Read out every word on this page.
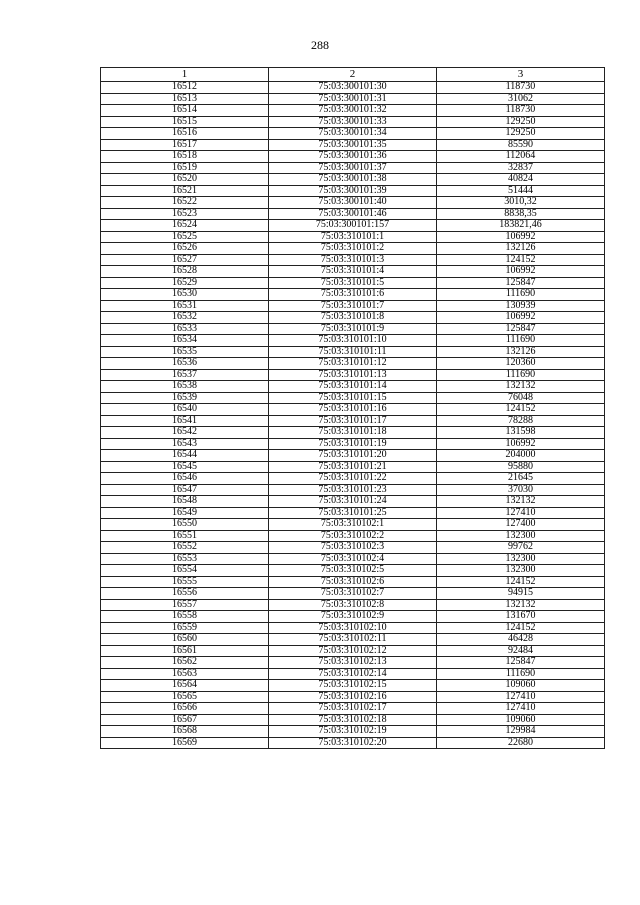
288
1	2	3
16512	75:03:300101:30	118730
16513	75:03:300101:31	31062
16514	75:03:300101:32	118730
16515	75:03:300101:33	129250
16516	75:03:300101:34	129250
16517	75:03:300101:35	85590
16518	75:03:300101:36	112064
16519	75:03:300101:37	32837
16520	75:03:300101:38	40824
16521	75:03:300101:39	51444
16522	75:03:300101:40	3010,32
16523	75:03:300101:46	8838,35
16524	75:03:300101:157	183821,46
16525	75:03:310101:1	106992
16526	75:03:310101:2	132126
16527	75:03:310101:3	124152
16528	75:03:310101:4	106992
16529	75:03:310101:5	125847
16530	75:03:310101:6	111690
16531	75:03:310101:7	130939
16532	75:03:310101:8	106992
16533	75:03:310101:9	125847
16534	75:03:310101:10	111690
16535	75:03:310101:11	132126
16536	75:03:310101:12	120360
16537	75:03:310101:13	111690
16538	75:03:310101:14	132132
16539	75:03:310101:15	76048
16540	75:03:310101:16	124152
16541	75:03:310101:17	78288
16542	75:03:310101:18	131598
16543	75:03:310101:19	106992
16544	75:03:310101:20	204000
16545	75:03:310101:21	95880
16546	75:03:310101:22	21645
16547	75:03:310101:23	37030
16548	75:03:310101:24	132132
16549	75:03:310101:25	127410
16550	75:03:310102:1	127400
16551	75:03:310102:2	132300
16552	75:03:310102:3	99762
16553	75:03:310102:4	132300
16554	75:03:310102:5	132300
16555	75:03:310102:6	124152
16556	75:03:310102:7	94915
16557	75:03:310102:8	132132
16558	75:03:310102:9	131670
16559	75:03:310102:10	124152
16560	75:03:310102:11	46428
16561	75:03:310102:12	92484
16562	75:03:310102:13	125847
16563	75:03:310102:14	111690
16564	75:03:310102:15	109060
16565	75:03:310102:16	127410
16566	75:03:310102:17	127410
16567	75:03:310102:18	109060
16568	75:03:310102:19	129984
16569	75:03:310102:20	22680
